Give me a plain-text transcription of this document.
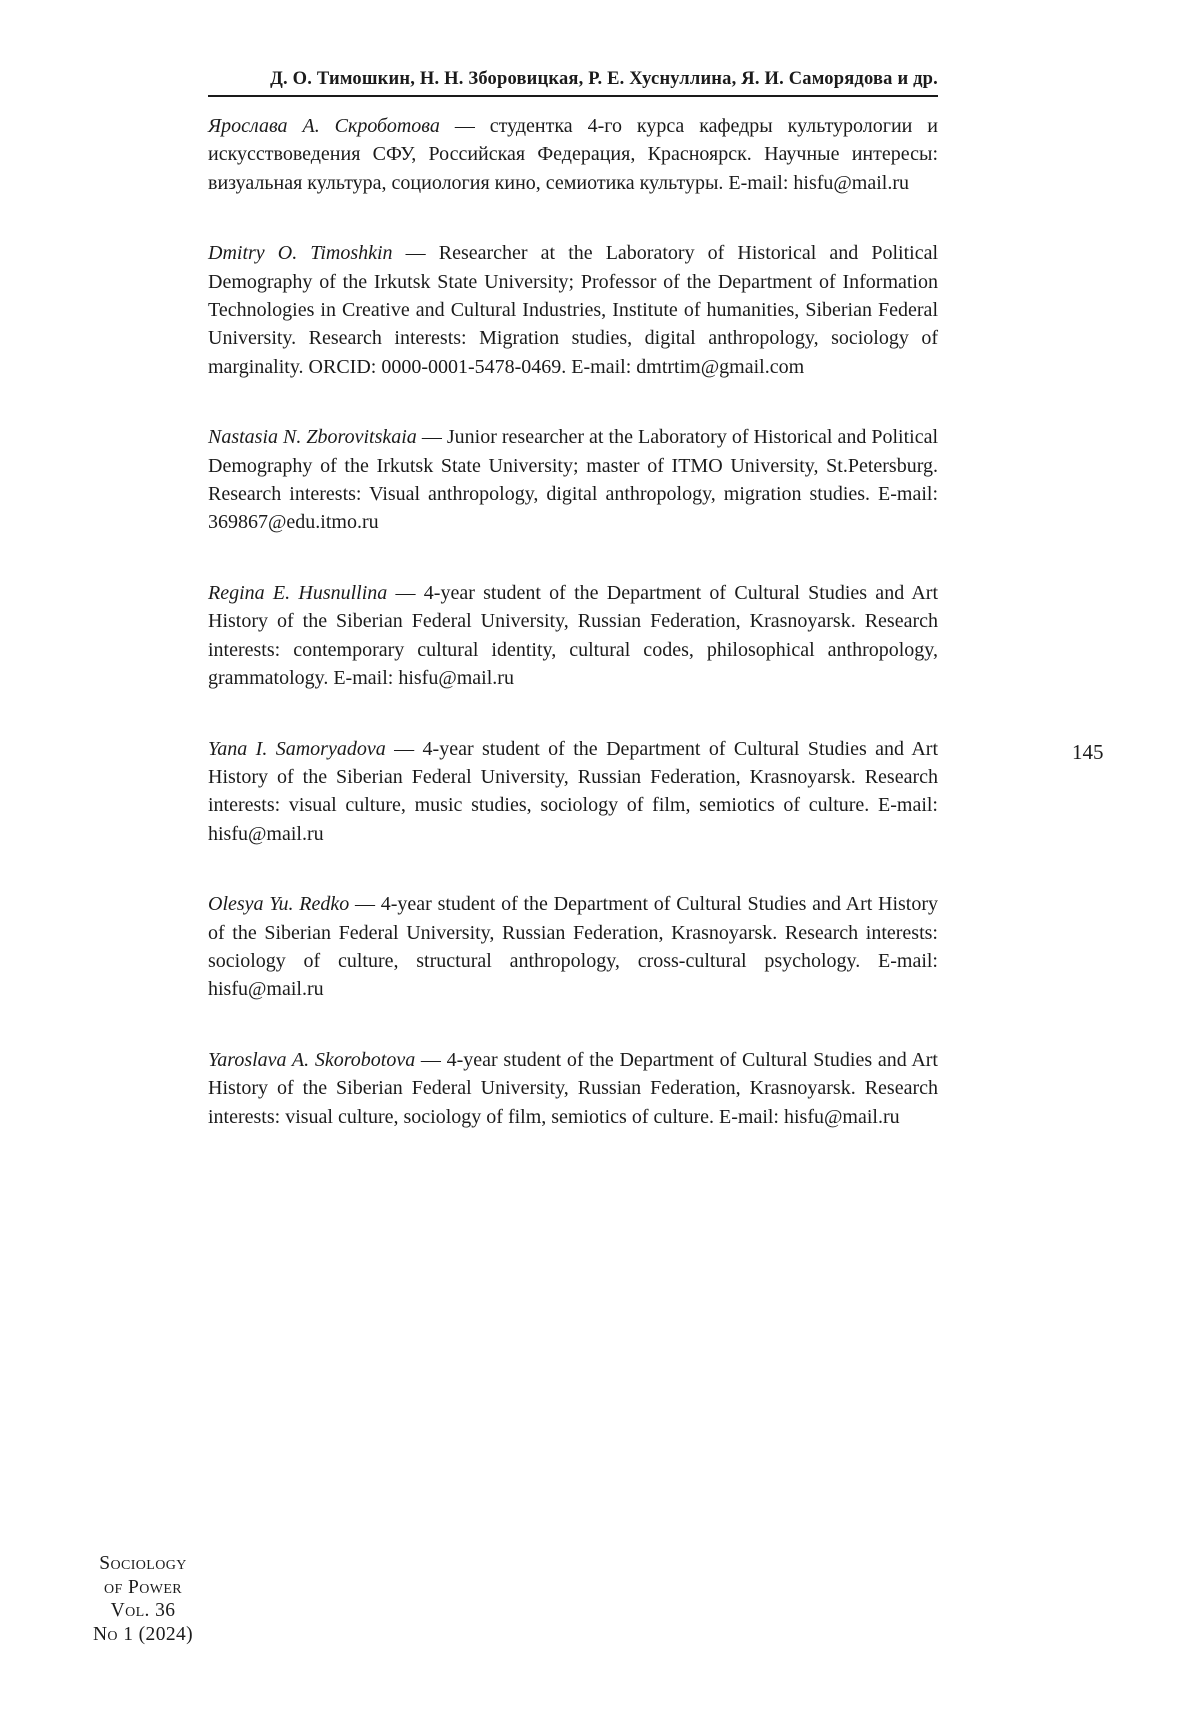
Д. О. Тимошкин, Н. Н. Зборовицкая, Р. Е. Хуснуллина, Я. И. Саморядова и др.

Ярослава А. Скроботова — студентка 4-го курса кафедры культурологии и искусствоведения СФУ, Российская Федерация, Красноярск. Научные интересы: визуальная культура, социология кино, семиотика культуры. E-mail: hisfu@mail.ru

Dmitry O. Timoshkin — Researcher at the Laboratory of Historical and Political Demography of the Irkutsk State University; Professor of the Department of Information Technologies in Creative and Cultural Industries, Institute of humanities, Siberian Federal University. Research interests: Migration studies, digital anthropology, sociology of marginality. ORCID: 0000-0001-5478-0469. E-mail: dmtrtim@gmail.com

Nastasia N. Zborovitskaia — Junior researcher at the Laboratory of Historical and Political Demography of the Irkutsk State University; master of ITMO University, St.Petersburg. Research interests: Visual anthropology, digital anthropology, migration studies. E-mail: 369867@edu.itmo.ru

Regina E. Husnullina — 4-year student of the Department of Cultural Studies and Art History of the Siberian Federal University, Russian Federation, Krasnoyarsk. Research interests: contemporary cultural identity, cultural codes, philosophical anthropology, grammatology. E-mail: hisfu@mail.ru

Yana I. Samoryadova — 4-year student of the Department of Cultural Studies and Art History of the Siberian Federal University, Russian Federation, Krasnoyarsk. Research interests: visual culture, music studies, sociology of film, semiotics of culture. E-mail: hisfu@mail.ru

Olesya Yu. Redko — 4-year student of the Department of Cultural Studies and Art History of the Siberian Federal University, Russian Federation, Krasnoyarsk. Research interests: sociology of culture, structural anthropology, cross-cultural psychology. E-mail: hisfu@mail.ru

Yaroslava A. Skorobotova — 4-year student of the Department of Cultural Studies and Art History of the Siberian Federal University, Russian Federation, Krasnoyarsk. Research interests: visual culture, sociology of film, semiotics of culture. E-mail: hisfu@mail.ru

145
Sociology
of Power
Vol. 36
No 1 (2024)
